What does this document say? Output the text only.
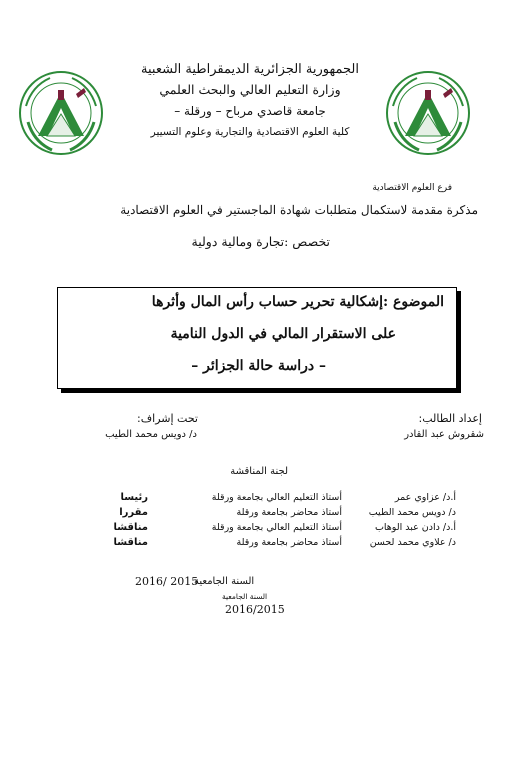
الجمهورية الجزائرية الديمقراطية الشعبية
وزارة التعليم العالي والبحث العلمي
جامعة قاصدي مرباح – ورقلة –
كلية العلوم الاقتصادية والتجارية وعلوم التسيير
فرع العلوم الاقتصادية
مذكرة مقدمة لاستكمال متطلبات شهادة الماجستير في العلوم الاقتصادية
تخصص :تجارة ومالية دولية
الموضوع :إشكالية تحرير حساب رأس المال وأثرها
على الاستقرار المالي في الدول النامية
– دراسة حالة الجزائر –
إعداد الطالب:
شقروش عبد القادر
تحت إشراف:
د/ دويس محمد الطيب
لجنة المناقشة
أ.د/ عزاوي عمر	أستاذ التعليم العالي بجامعة ورقلة	رئيسا
د/ دويس محمد الطيب	أستاذ محاضر بجامعة ورقلة	مقررا
أ.د/ دادن عبد الوهاب	أستاذ التعليم العالي بجامعة ورقلة	مناقشا
د/ علاوي محمد لحسن	أستاذ محاضر بجامعة ورقلة	مناقشا
السنة الجامعية
2016/ 2015
السنة الجامعية
2016/2015
